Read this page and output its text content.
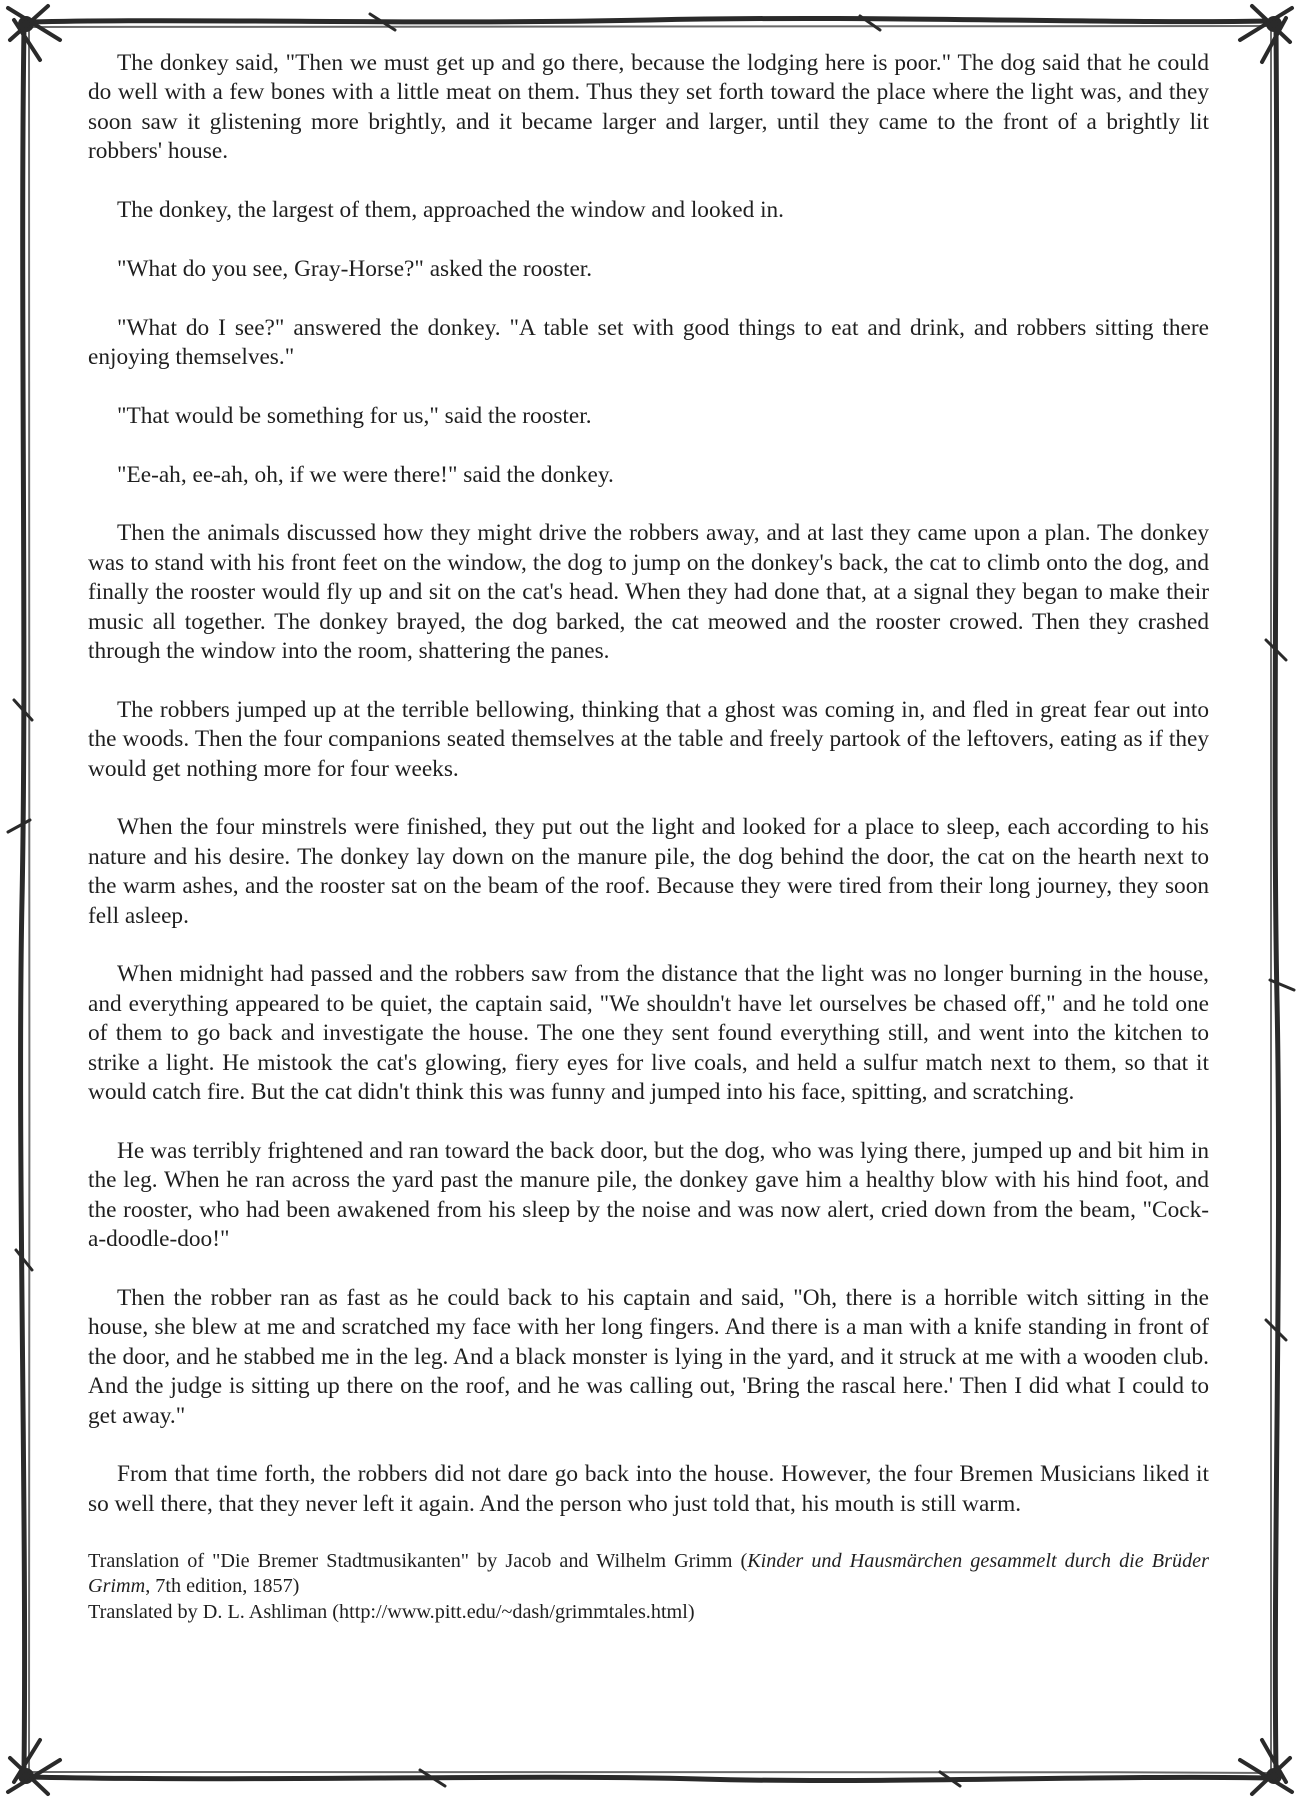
The donkey said, "Then we must get up and go there, because the lodging here is poor." The dog said that he could do well with a few bones with a little meat on them. Thus they set forth toward the place where the light was, and they soon saw it glistening more brightly, and it became larger and larger, until they came to the front of a brightly lit robbers' house.

The donkey, the largest of them, approached the window and looked in.

"What do you see, Gray-Horse?" asked the rooster.

"What do I see?" answered the donkey. "A table set with good things to eat and drink, and robbers sitting there enjoying themselves."

"That would be something for us," said the rooster.

"Ee-ah, ee-ah, oh, if we were there!" said the donkey.

Then the animals discussed how they might drive the robbers away, and at last they came upon a plan. The donkey was to stand with his front feet on the window, the dog to jump on the donkey's back, the cat to climb onto the dog, and finally the rooster would fly up and sit on the cat's head. When they had done that, at a signal they began to make their music all together. The donkey brayed, the dog barked, the cat meowed and the rooster crowed. Then they crashed through the window into the room, shattering the panes.

The robbers jumped up at the terrible bellowing, thinking that a ghost was coming in, and fled in great fear out into the woods. Then the four companions seated themselves at the table and freely partook of the leftovers, eating as if they would get nothing more for four weeks.

When the four minstrels were finished, they put out the light and looked for a place to sleep, each according to his nature and his desire. The donkey lay down on the manure pile, the dog behind the door, the cat on the hearth next to the warm ashes, and the rooster sat on the beam of the roof. Because they were tired from their long journey, they soon fell asleep.

When midnight had passed and the robbers saw from the distance that the light was no longer burning in the house, and everything appeared to be quiet, the captain said, "We shouldn't have let ourselves be chased off," and he told one of them to go back and investigate the house. The one they sent found everything still, and went into the kitchen to strike a light. He mistook the cat's glowing, fiery eyes for live coals, and held a sulfur match next to them, so that it would catch fire. But the cat didn't think this was funny and jumped into his face, spitting, and scratching.

He was terribly frightened and ran toward the back door, but the dog, who was lying there, jumped up and bit him in the leg. When he ran across the yard past the manure pile, the donkey gave him a healthy blow with his hind foot, and the rooster, who had been awakened from his sleep by the noise and was now alert, cried down from the beam, "Cock-a-doodle-doo!"

Then the robber ran as fast as he could back to his captain and said, "Oh, there is a horrible witch sitting in the house, she blew at me and scratched my face with her long fingers. And there is a man with a knife standing in front of the door, and he stabbed me in the leg. And a black monster is lying in the yard, and it struck at me with a wooden club. And the judge is sitting up there on the roof, and he was calling out, 'Bring the rascal here.' Then I did what I could to get away."

From that time forth, the robbers did not dare go back into the house. However, the four Bremen Musicians liked it so well there, that they never left it again. And the person who just told that, his mouth is still warm.

Translation of "Die Bremer Stadtmusikanten" by Jacob and Wilhelm Grimm (Kinder und Hausmärchen gesammelt durch die Brüder Grimm, 7th edition, 1857)

Translated by D. L. Ashliman (http://www.pitt.edu/~dash/grimmtales.html)
